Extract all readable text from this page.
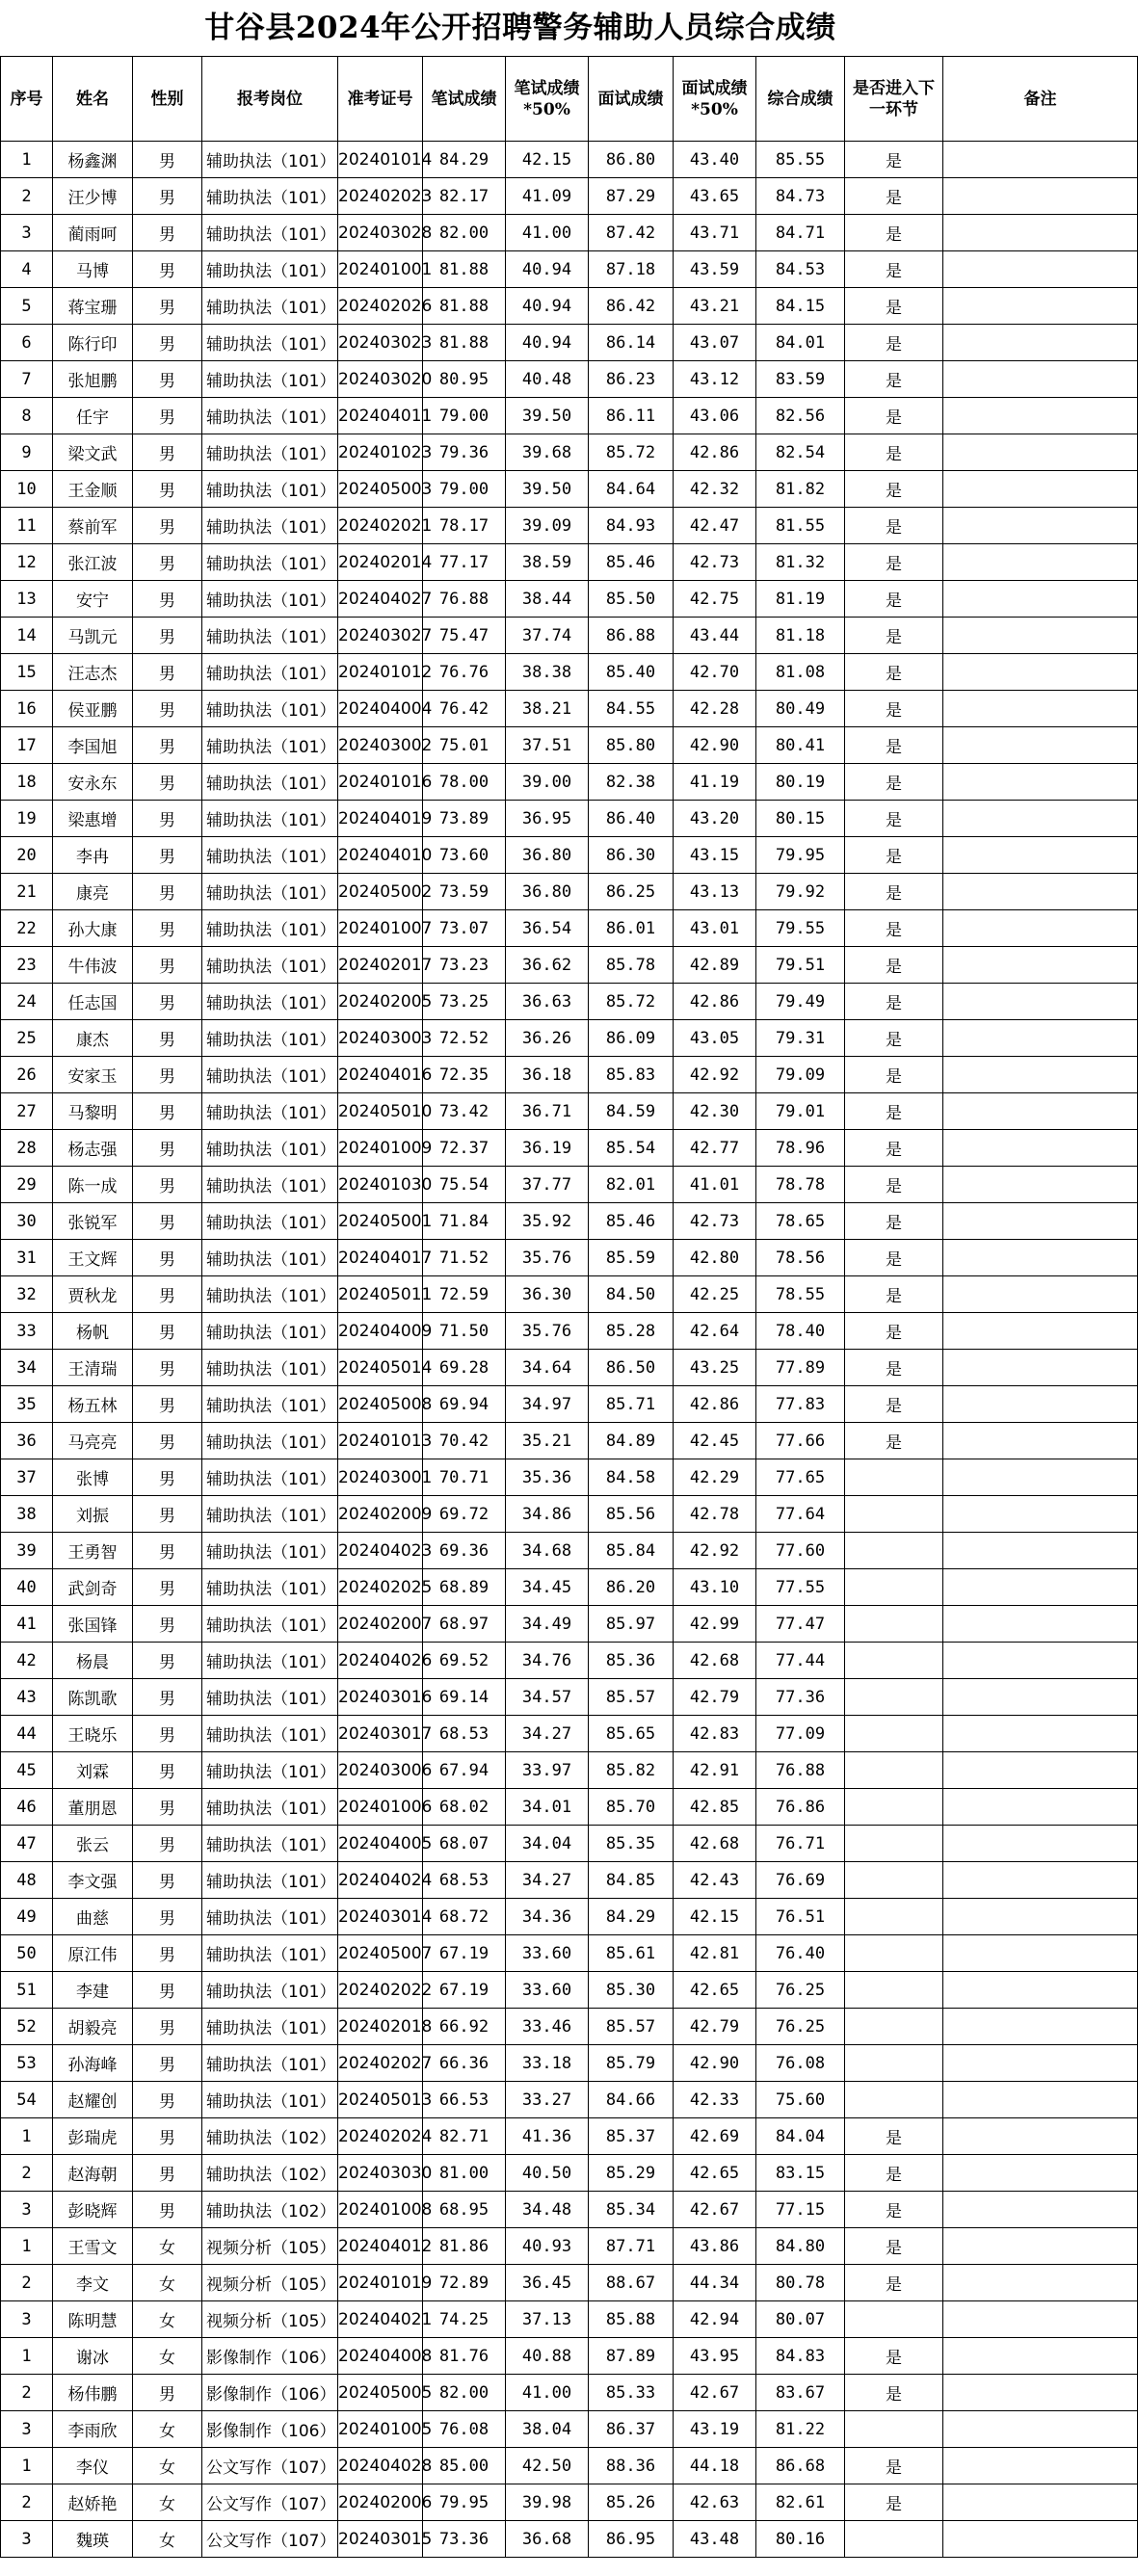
甘谷县2024年公开招聘警务辅助人员综合成绩
序号	姓名	性别	报考岗位	准考证号	笔试成绩	笔试成绩*50%	面试成绩	面试成绩*50%	综合成绩	是否进入下一环节	备注
1	杨鑫渊	男	辅助执法（101）	202401014	84.29	42.15	86.80	43.40	85.55	是	
2	汪少博	男	辅助执法（101）	202402023	82.17	41.09	87.29	43.65	84.73	是	
3	蔺雨呵	男	辅助执法（101）	202403028	82.00	41.00	87.42	43.71	84.71	是	
4	马博	男	辅助执法（101）	202401001	81.88	40.94	87.18	43.59	84.53	是	
5	蒋宝珊	男	辅助执法（101）	202402026	81.88	40.94	86.42	43.21	84.15	是	
6	陈行印	男	辅助执法（101）	202403023	81.88	40.94	86.14	43.07	84.01	是	
7	张旭鹏	男	辅助执法（101）	202403020	80.95	40.48	86.23	43.12	83.59	是	
8	任宇	男	辅助执法（101）	202404011	79.00	39.50	86.11	43.06	82.56	是	
9	梁文武	男	辅助执法（101）	202401023	79.36	39.68	85.72	42.86	82.54	是	
10	王金顺	男	辅助执法（101）	202405003	79.00	39.50	84.64	42.32	81.82	是	
11	蔡前军	男	辅助执法（101）	202402021	78.17	39.09	84.93	42.47	81.55	是	
12	张江波	男	辅助执法（101）	202402014	77.17	38.59	85.46	42.73	81.32	是	
13	安宁	男	辅助执法（101）	202404027	76.88	38.44	85.50	42.75	81.19	是	
14	马凯元	男	辅助执法（101）	202403027	75.47	37.74	86.88	43.44	81.18	是	
15	汪志杰	男	辅助执法（101）	202401012	76.76	38.38	85.40	42.70	81.08	是	
16	侯亚鹏	男	辅助执法（101）	202404004	76.42	38.21	84.55	42.28	80.49	是	
17	李国旭	男	辅助执法（101）	202403002	75.01	37.51	85.80	42.90	80.41	是	
18	安永东	男	辅助执法（101）	202401016	78.00	39.00	82.38	41.19	80.19	是	
19	梁惠增	男	辅助执法（101）	202404019	73.89	36.95	86.40	43.20	80.15	是	
20	李冉	男	辅助执法（101）	202404010	73.60	36.80	86.30	43.15	79.95	是	
21	康亮	男	辅助执法（101）	202405002	73.59	36.80	86.25	43.13	79.92	是	
22	孙大康	男	辅助执法（101）	202401007	73.07	36.54	86.01	43.01	79.55	是	
23	牛伟波	男	辅助执法（101）	202402017	73.23	36.62	85.78	42.89	79.51	是	
24	任志国	男	辅助执法（101）	202402005	73.25	36.63	85.72	42.86	79.49	是	
25	康杰	男	辅助执法（101）	202403003	72.52	36.26	86.09	43.05	79.31	是	
26	安家玉	男	辅助执法（101）	202404016	72.35	36.18	85.83	42.92	79.09	是	
27	马黎明	男	辅助执法（101）	202405010	73.42	36.71	84.59	42.30	79.01	是	
28	杨志强	男	辅助执法（101）	202401009	72.37	36.19	85.54	42.77	78.96	是	
29	陈一成	男	辅助执法（101）	202401030	75.54	37.77	82.01	41.01	78.78	是	
30	张锐军	男	辅助执法（101）	202405001	71.84	35.92	85.46	42.73	78.65	是	
31	王文辉	男	辅助执法（101）	202404017	71.52	35.76	85.59	42.80	78.56	是	
32	贾秋龙	男	辅助执法（101）	202405011	72.59	36.30	84.50	42.25	78.55	是	
33	杨帆	男	辅助执法（101）	202404009	71.50	35.76	85.28	42.64	78.40	是	
34	王清瑞	男	辅助执法（101）	202405014	69.28	34.64	86.50	43.25	77.89	是	
35	杨五林	男	辅助执法（101）	202405008	69.94	34.97	85.71	42.86	77.83	是	
36	马亮亮	男	辅助执法（101）	202401013	70.42	35.21	84.89	42.45	77.66	是	
37	张博	男	辅助执法（101）	202403001	70.71	35.36	84.58	42.29	77.65		
38	刘振	男	辅助执法（101）	202402009	69.72	34.86	85.56	42.78	77.64		
39	王勇智	男	辅助执法（101）	202404023	69.36	34.68	85.84	42.92	77.60		
40	武剑奇	男	辅助执法（101）	202402025	68.89	34.45	86.20	43.10	77.55		
41	张国锋	男	辅助执法（101）	202402007	68.97	34.49	85.97	42.99	77.47		
42	杨晨	男	辅助执法（101）	202404026	69.52	34.76	85.36	42.68	77.44		
43	陈凯歌	男	辅助执法（101）	202403016	69.14	34.57	85.57	42.79	77.36		
44	王晓乐	男	辅助执法（101）	202403017	68.53	34.27	85.65	42.83	77.09		
45	刘霖	男	辅助执法（101）	202403006	67.94	33.97	85.82	42.91	76.88		
46	董朋恩	男	辅助执法（101）	202401006	68.02	34.01	85.70	42.85	76.86		
47	张云	男	辅助执法（101）	202404005	68.07	34.04	85.35	42.68	76.71		
48	李文强	男	辅助执法（101）	202404024	68.53	34.27	84.85	42.43	76.69		
49	曲慈	男	辅助执法（101）	202403014	68.72	34.36	84.29	42.15	76.51		
50	原江伟	男	辅助执法（101）	202405007	67.19	33.60	85.61	42.81	76.40		
51	李建	男	辅助执法（101）	202402022	67.19	33.60	85.30	42.65	76.25		
52	胡毅亮	男	辅助执法（101）	202402018	66.92	33.46	85.57	42.79	76.25		
53	孙海峰	男	辅助执法（101）	202402027	66.36	33.18	85.79	42.90	76.08		
54	赵耀创	男	辅助执法（101）	202405013	66.53	33.27	84.66	42.33	75.60		
1	彭瑞虎	男	辅助执法（102）	202402024	82.71	41.36	85.37	42.69	84.04	是	
2	赵海朝	男	辅助执法（102）	202403030	81.00	40.50	85.29	42.65	83.15	是	
3	彭晓辉	男	辅助执法（102）	202401008	68.95	34.48	85.34	42.67	77.15	是	
1	王雪文	女	视频分析（105）	202404012	81.86	40.93	87.71	43.86	84.80	是	
2	李文	女	视频分析（105）	202401019	72.89	36.45	88.67	44.34	80.78	是	
3	陈明慧	女	视频分析（105）	202404021	74.25	37.13	85.88	42.94	80.07		
1	谢冰	女	影像制作（106）	202404008	81.76	40.88	87.89	43.95	84.83	是	
2	杨伟鹏	男	影像制作（106）	202405005	82.00	41.00	85.33	42.67	83.67	是	
3	李雨欣	女	影像制作（106）	202401005	76.08	38.04	86.37	43.19	81.22		
1	李仪	女	公文写作（107）	202404028	85.00	42.50	88.36	44.18	86.68	是	
2	赵娇艳	女	公文写作（107）	202402006	79.95	39.98	85.26	42.63	82.61	是	
3	魏瑛	女	公文写作（107）	202403015	73.36	36.68	86.95	43.48	80.16		
